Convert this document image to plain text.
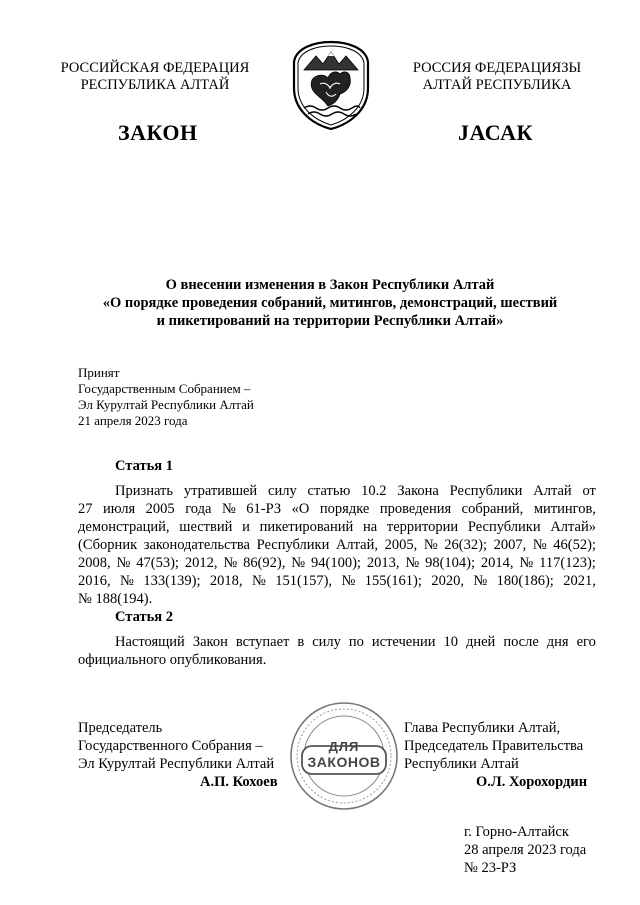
РОССИЙСКАЯ ФЕДЕРАЦИЯ
РЕСПУБЛИКА АЛТАЙ
РОССИЯ ФЕДЕРАЦИЯЗЫ
АЛТАЙ РЕСПУБЛИКА
ЗАКОН	JАСАК
О внесении изменения в Закон Республики Алтай
«О порядке проведения собраний, митингов, демонстраций, шествий
и пикетирований на территории Республики Алтай»
Принят
Государственным Собранием –
Эл Курултай Республики Алтай
21 апреля 2023 года
Статья 1
Признать утратившей силу статью 10.2 Закона Республики Алтай от
27 июля 2005 года № 61-РЗ «О порядке проведения собраний, митингов,
демонстраций, шествий и пикетирований на территории Республики Алтай»
(Сборник законодательства Республики Алтай, 2005, № 26(32); 2007, № 46(52);
2008, № 47(53); 2012, № 86(92), № 94(100); 2013, № 98(104); 2014, № 117(123);
2016, № 133(139); 2018, № 151(157), № 155(161); 2020, № 180(186); 2021,
№ 188(194).
Статья 2
Настоящий Закон вступает в силу по истечении 10 дней после дня его
официального опубликования.
ДЛЯ
ЗАКОНОВ
Председатель
Государственного Собрания –
Эл Курултай Республики Алтай
А.П. Кохоев
Глава Республики Алтай,
Председатель Правительства
Республики Алтай
О.Л. Хорохордин
г. Горно-Алтайск
28 апреля 2023 года
№ 23-РЗ
